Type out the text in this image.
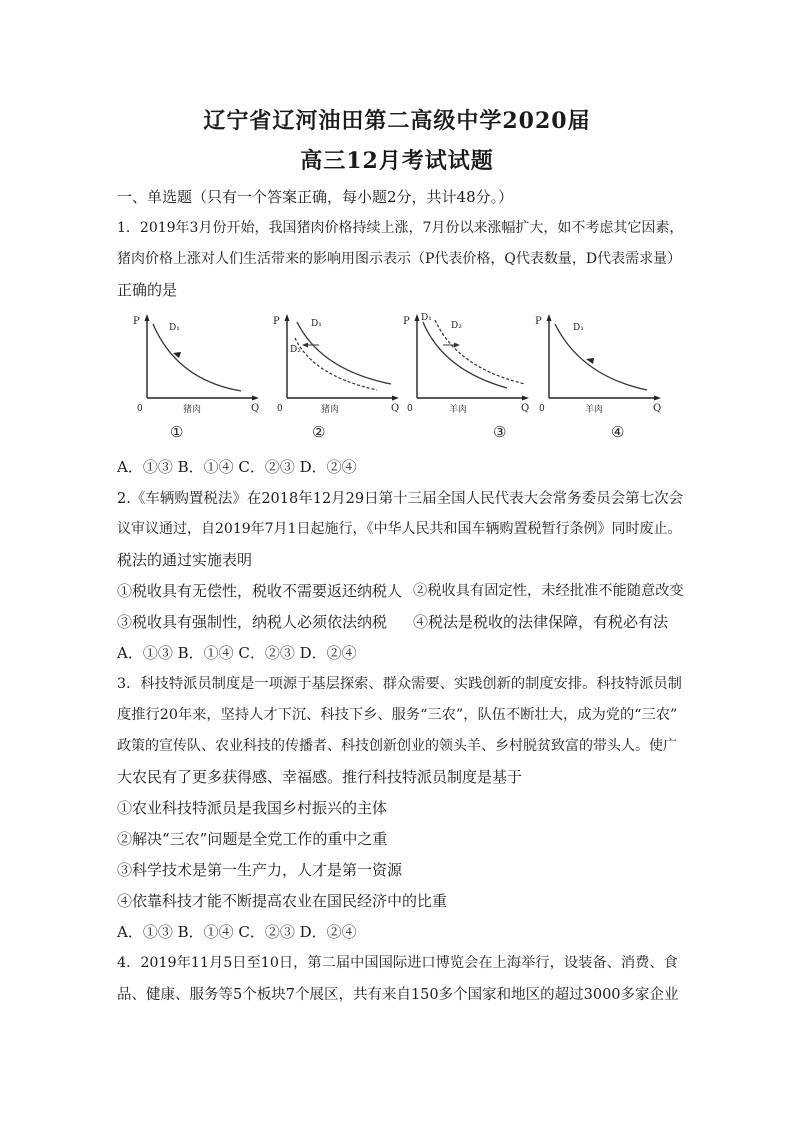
辽宁省辽河油田第二高级中学2020届
高三12月考试试题
一、单选题（只有一个答案正确，每小题2分，共计48分。）
1．2019年3月份开始，我国猪肉价格持续上涨，7月份以来涨幅扩大，如不考虑其它因素，
猪肉价格上涨对人们生活带来的影响用图示表示（P代表价格，Q代表数量，D代表需求量）
正确的是
P
0	Q
猪肉
D₁
①
P
0	Q
猪肉
D₁
D₂
②
P
0	Q
羊肉
D₁
D₂
③
P
0	Q
羊肉
D₁
④
A．①③ B．①④ C．②③ D．②④
2.《车辆购置税法》在2018年12月29日第十三届全国人民代表大会常务委员会第七次会
议审议通过，自2019年7月1日起施行，《中华人民共和国车辆购置税暂行条例》同时废止。
税法的通过实施表明
①税收具有无偿性，税收不需要返还纳税人 ②税收具有固定性，未经批准不能随意改变
③税收具有强制性，纳税人必须依法纳税 ④税法是税收的法律保障，有税必有法
A．①③ B．①④ C．②③ D．②④
3．科技特派员制度是一项源于基层探索、群众需要、实践创新的制度安排。科技特派员制
度推行20年来，坚持人才下沉、科技下乡、服务“三农”，队伍不断壮大，成为党的“三农”
政策的宣传队、农业科技的传播者、科技创新创业的领头羊、乡村脱贫致富的带头人。使广
大农民有了更多获得感、幸福感。推行科技特派员制度是基于
①农业科技特派员是我国乡村振兴的主体
②解决“三农”问题是全党工作的重中之重
③科学技术是第一生产力，人才是第一资源
④依靠科技才能不断提高农业在国民经济中的比重
A．①③ B．①④ C．②③ D．②④
4．2019年11月5日至10日，第二届中国国际进口博览会在上海举行，设装备、消费、食
品、健康、服务等5个板块7个展区，共有来自150多个国家和地区的超过3000多家企业
